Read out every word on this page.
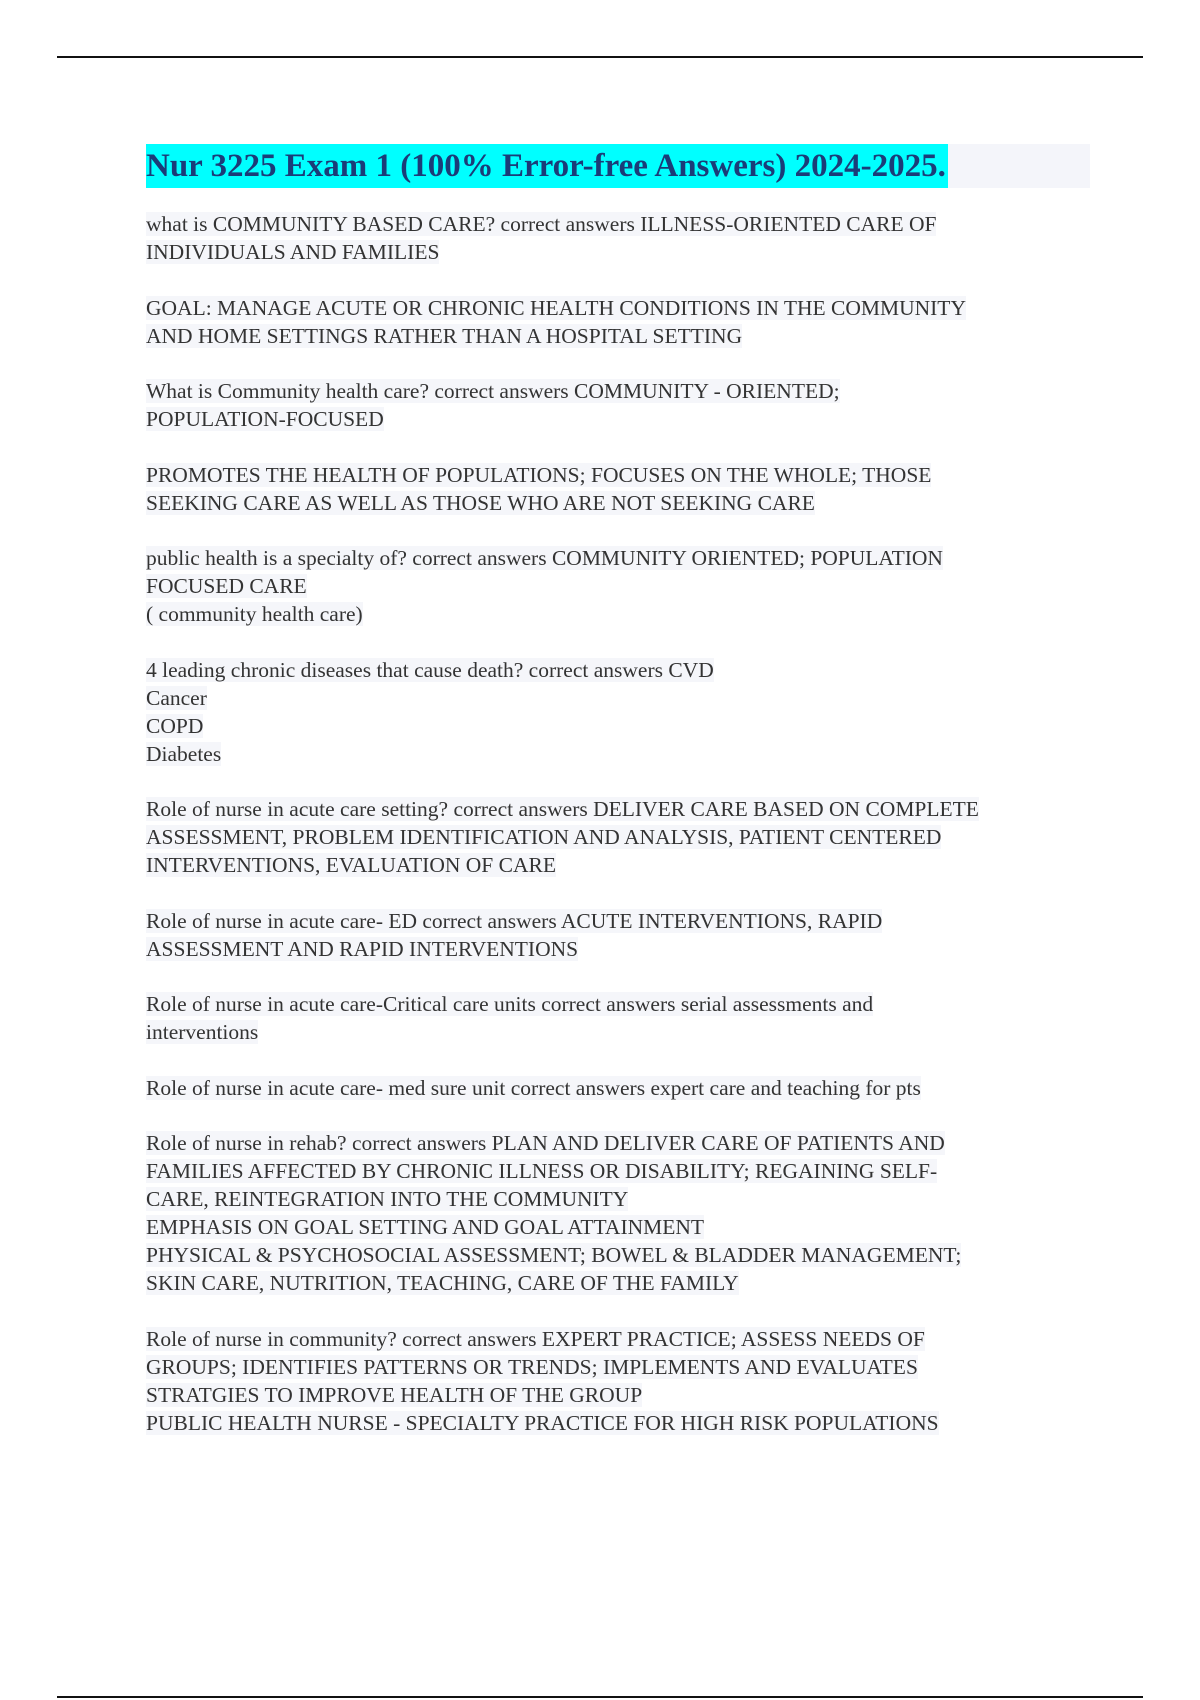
Nur 3225 Exam 1 (100% Error-free Answers) 2024-2025.
what is COMMUNITY BASED CARE? correct answers ILLNESS-ORIENTED CARE OF
INDIVIDUALS AND FAMILIES
GOAL: MANAGE ACUTE OR CHRONIC HEALTH CONDITIONS IN THE COMMUNITY
AND HOME SETTINGS RATHER THAN A HOSPITAL SETTING
What is Community health care? correct answers COMMUNITY - ORIENTED;
POPULATION-FOCUSED
PROMOTES THE HEALTH OF POPULATIONS; FOCUSES ON THE WHOLE; THOSE
SEEKING CARE AS WELL AS THOSE WHO ARE NOT SEEKING CARE
public health is a specialty of? correct answers COMMUNITY ORIENTED; POPULATION
FOCUSED CARE
( community health care)
4 leading chronic diseases that cause death? correct answers CVD
Cancer
COPD
Diabetes
Role of nurse in acute care setting? correct answers DELIVER CARE BASED ON COMPLETE
ASSESSMENT, PROBLEM IDENTIFICATION AND ANALYSIS, PATIENT CENTERED
INTERVENTIONS, EVALUATION OF CARE
Role of nurse in acute care- ED correct answers ACUTE INTERVENTIONS, RAPID
ASSESSMENT AND RAPID INTERVENTIONS
Role of nurse in acute care-Critical care units correct answers serial assessments and
interventions
Role of nurse in acute care- med sure unit correct answers expert care and teaching for pts
Role of nurse in rehab? correct answers PLAN AND DELIVER CARE OF PATIENTS AND
FAMILIES AFFECTED BY CHRONIC ILLNESS OR DISABILITY; REGAINING SELF-
CARE, REINTEGRATION INTO THE COMMUNITY
EMPHASIS ON GOAL SETTING AND GOAL ATTAINMENT
PHYSICAL & PSYCHOSOCIAL ASSESSMENT; BOWEL & BLADDER MANAGEMENT;
SKIN CARE, NUTRITION, TEACHING, CARE OF THE FAMILY
Role of nurse in community? correct answers EXPERT PRACTICE; ASSESS NEEDS OF
GROUPS; IDENTIFIES PATTERNS OR TRENDS; IMPLEMENTS AND EVALUATES
STRATGIES TO IMPROVE HEALTH OF THE GROUP
PUBLIC HEALTH NURSE - SPECIALTY PRACTICE FOR HIGH RISK POPULATIONS
